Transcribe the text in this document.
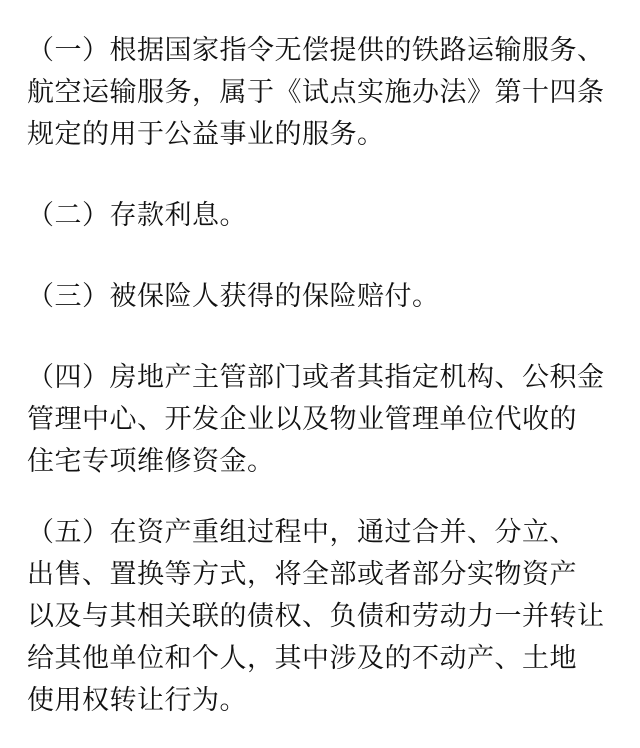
（一）根据国家指令无偿提供的铁路运输服务、
航空运输服务，属于《试点实施办法》第十四条
规定的用于公益事业的服务。

（二）存款利息。

（三）被保险人获得的保险赔付。

（四）房地产主管部门或者其指定机构、公积金
管理中心、开发企业以及物业管理单位代收的
住宅专项维修资金。

（五）在资产重组过程中，通过合并、分立、
出售、置换等方式，将全部或者部分实物资产
以及与其相关联的债权、负债和劳动力一并转让
给其他单位和个人，其中涉及的不动产、土地
使用权转让行为。
